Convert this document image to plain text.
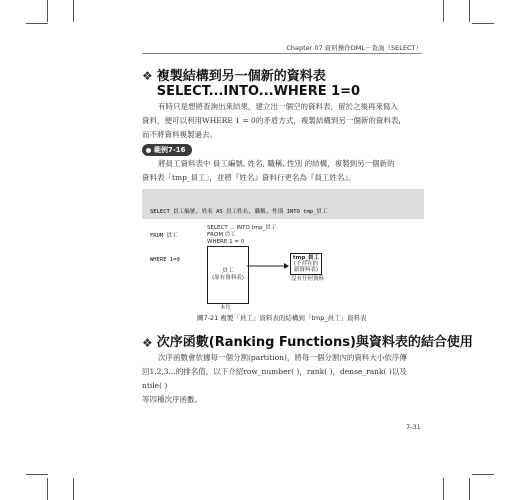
Chapter 07 資料操作DML－查詢（SELECT）
❖ 複製結構到另一個新的資料表
SELECT...INTO...WHERE 1=0
有時只是想將查詢出來結果，建立出一個空的資料表，留於之後再來寫入
資料，便可以利用WHERE 1 = 0的矛盾方式，複製結構到另一個新的資料表，
而不將資料複製過去。
範例7-16
將員工資料表中 員工編號, 姓名, 職稱, 性別 的結構，複製到另一個新的
資料表「tmp_員工」，並將『姓名』資料行更名為『員工姓名』。

SELECT 員工編號, 姓名 AS 員工姓名, 職稱, 性別 INTO tmp_員工

FROM 員工

WHERE 1=0

SELECT ... INTO tmp_員工
FROM 員工
WHERE 1 = 0
員工
(原有資料表)
tmp_員工
(不存在的
新資料表)
沒有任何資料
本位
圖7-21 複製「員工」資料表的結構到「tmp_員工」資料表
❖ 次序函數(Ranking Functions)與資料表的結合使用
次序函數會依據每一個分割(partition)，將每一個分割內的資料大小依序傳
回1,2,3...的排名值，以下介紹row_number( )，rank( )，dense_rank( )以及ntile( )
等四種次序函數。
7-31
